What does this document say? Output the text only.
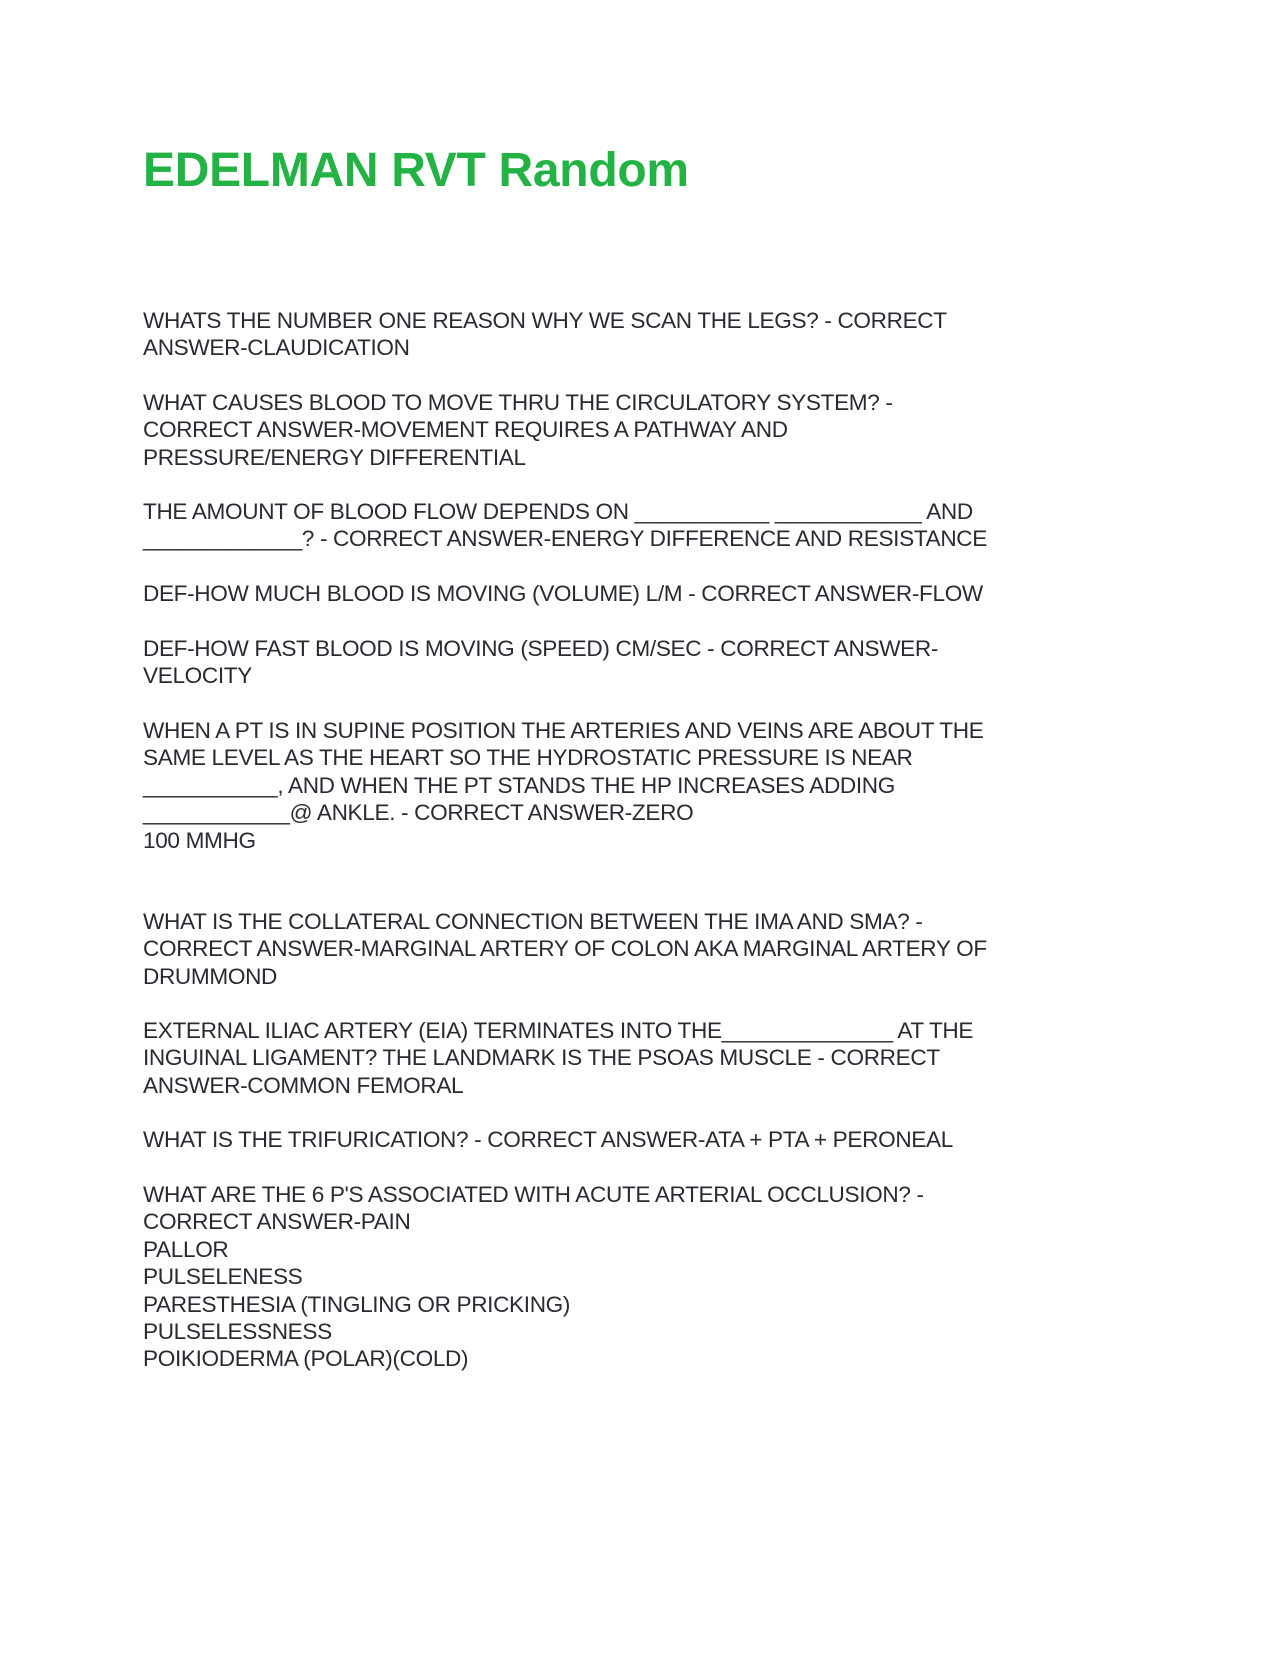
EDELMAN RVT Random
WHATS THE NUMBER ONE REASON WHY WE SCAN THE LEGS? - CORRECT
ANSWER-CLAUDICATION
WHAT CAUSES BLOOD TO MOVE THRU THE CIRCULATORY SYSTEM? -
CORRECT ANSWER-MOVEMENT REQUIRES A PATHWAY AND
PRESSURE/ENERGY DIFFERENTIAL
THE AMOUNT OF BLOOD FLOW DEPENDS ON ___________ ____________ AND
_____________? - CORRECT ANSWER-ENERGY DIFFERENCE AND RESISTANCE
DEF-HOW MUCH BLOOD IS MOVING (VOLUME) L/M - CORRECT ANSWER-FLOW
DEF-HOW FAST BLOOD IS MOVING (SPEED) CM/SEC - CORRECT ANSWER-
VELOCITY
WHEN A PT IS IN SUPINE POSITION THE ARTERIES AND VEINS ARE ABOUT THE
SAME LEVEL AS THE HEART SO THE HYDROSTATIC PRESSURE IS NEAR
___________, AND WHEN THE PT STANDS THE HP INCREASES ADDING
____________@ ANKLE. - CORRECT ANSWER-ZERO
100 MMHG
WHAT IS THE COLLATERAL CONNECTION BETWEEN THE IMA AND SMA? -
CORRECT ANSWER-MARGINAL ARTERY OF COLON AKA MARGINAL ARTERY OF
DRUMMOND
EXTERNAL ILIAC ARTERY (EIA) TERMINATES INTO THE______________ AT THE
INGUINAL LIGAMENT? THE LANDMARK IS THE PSOAS MUSCLE - CORRECT
ANSWER-COMMON FEMORAL
WHAT IS THE TRIFURICATION? - CORRECT ANSWER-ATA + PTA + PERONEAL
WHAT ARE THE 6 P'S ASSOCIATED WITH ACUTE ARTERIAL OCCLUSION? -
CORRECT ANSWER-PAIN
PALLOR
PULSELENESS
PARESTHESIA (TINGLING OR PRICKING)
PULSELESSNESS
POIKIODERMA (POLAR)(COLD)
